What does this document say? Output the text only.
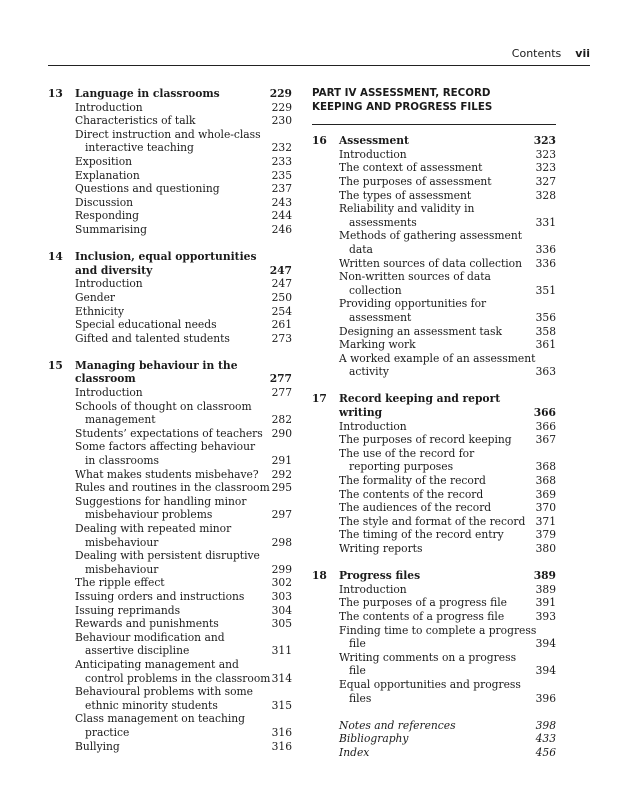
Contents vii
13 Language in classrooms	229
Introduction	229
Characteristics of talk	230
Direct instruction and whole-class
interactive teaching	232
Exposition	233
Explanation	235
Questions and questioning	237
Discussion	243
Responding	244
Summarising	246
14 Inclusion, equal opportunities
and diversity	247
Introduction	247
Gender	250
Ethnicity	254
Special educational needs	261
Gifted and talented students	273
15 Managing behaviour in the
classroom	277
Introduction	277
Schools of thought on classroom
management	282
Students’ expectations of teachers 290
Some factors affecting behaviour
in classrooms	291
What makes students misbehave? 292
Rules and routines in the classroom 295
Suggestions for handling minor
misbehaviour problems	297
Dealing with repeated minor
misbehaviour	298
Dealing with persistent disruptive
misbehaviour	299
The ripple effect	302
Issuing orders and instructions	303
Issuing reprimands	304
Rewards and punishments	305
Behaviour modification and
assertive discipline	311
Anticipating management and
control problems in the classroom 314
Behavioural problems with some
ethnic minority students	315
Class management on teaching
practice	316
Bullying	316
PART IV ASSESSMENT, RECORD
KEEPING AND PROGRESS FILES
16 Assessment	323
Introduction	323
The context of assessment	323
The purposes of assessment	327
The types of assessment	328
Reliability and validity in
assessments	331
Methods of gathering assessment
data	336
Written sources of data collection 336
Non-written sources of data
collection	351
Providing opportunities for
assessment	356
Designing an assessment task	358
Marking work	361
A worked example of an assessment
activity	363
17 Record keeping and report
writing	366
Introduction	366
The purposes of record keeping 367
The use of the record for
reporting purposes	368
The formality of the record	368
The contents of the record	369
The audiences of the record	370
The style and format of the record 371
The timing of the record entry	379
Writing reports	380
18 Progress files	389
Introduction	389
The purposes of a progress file	391
The contents of a progress file	393
Finding time to complete a progress
file	394
Writing comments on a progress
file	394
Equal opportunities and progress
files	396
Notes and references	398
Bibliography	433
Index	456
